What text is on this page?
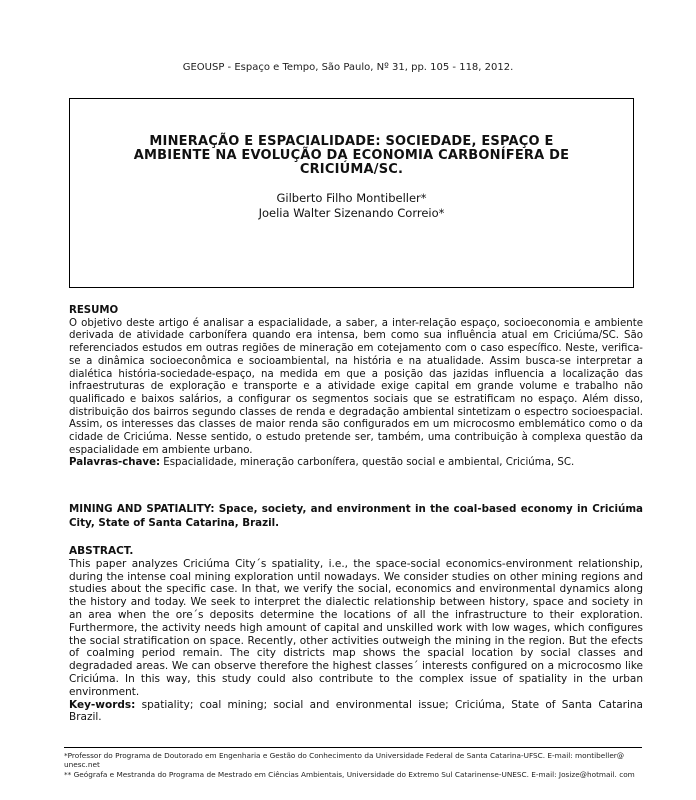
GEOUSP - Espaço e Tempo, São Paulo, Nº 31, pp. 105 - 118, 2012.
MINERAÇÃO E ESPACIALIDADE: SOCIEDADE, ESPAÇO E
AMBIENTE NA EVOLUÇÃO DA ECONOMIA CARBONÍFERA DE
CRICIÚMA/SC.
Gilberto Filho Montibeller*
Joelia Walter Sizenando Correio*
RESUMO

O objetivo deste artigo é analisar a espacialidade, a saber, a inter-relação espaço, socioeconomia e ambiente derivada de atividade carbonífera quando era intensa, bem como sua influência atual em Criciúma/SC. São referenciados estudos em outras regiões de mineração em cotejamento com o caso específico. Neste, verifica-se a dinâmica socioeconômica e socioambiental, na história e na atualidade. Assim busca-se interpretar a dialética história-sociedade-espaço, na medida em que a posição das jazidas influencia a localização das infraestruturas de exploração e transporte e a atividade exige capital em grande volume e trabalho não qualificado e baixos salários, a configurar os segmentos sociais que se estratificam no espaço. Além disso, distribuição dos bairros segundo classes de renda e degradação ambiental sintetizam o espectro socioespacial. Assim, os interesses das classes de maior renda são configurados em um microcosmo emblemático como o da cidade de Criciúma. Nesse sentido, o estudo pretende ser, também, uma contribuição à complexa questão da espacialidade em ambiente urbano.

Palavras-chave: Espacialidade, mineração carbonífera, questão social e ambiental, Criciúma, SC.

MINING AND SPATIALITY: Space, society, and environment in the coal-based economy in Criciúma City, State of Santa Catarina, Brazil.
ABSTRACT.

This paper analyzes Criciúma City´s spatiality, i.e., the space-social economics-environment relationship, during the intense coal mining exploration until nowadays. We consider studies on other mining regions and studies about the specific case. In that, we verify the social, economics and environmental dynamics along the history and today. We seek to interpret the dialectic relationship between history, space and society in an area when the ore´s deposits determine the locations of all the infrastructure to their exploration. Furthermore, the activity needs high amount of capital and unskilled work with low wages, which configures the social stratification on space. Recently, other activities outweigh the mining in the region. But the efects of coalming period remain. The city districts map shows the spacial location by social classes and degradaded areas. We can observe therefore the highest classes´ interests configured on a microcosmo like Criciúma. In this way, this study could also contribute to the complex issue of spatiality in the urban environment.

Key-words: spatiality; coal mining; social and environmental issue; Criciúma, State of Santa Catarina Brazil.

*Professor do Programa de Doutorado em Engenharia e Gestão do Conhecimento da Universidade Federal de Santa Catarina-UFSC. E-mail: montibeller@ unesc.net

** Geógrafa e Mestranda do Programa de Mestrado em Ciências Ambientais, Universidade do Extremo Sul Catarinense-UNESC. E-mail: Josize@hotmail. com
